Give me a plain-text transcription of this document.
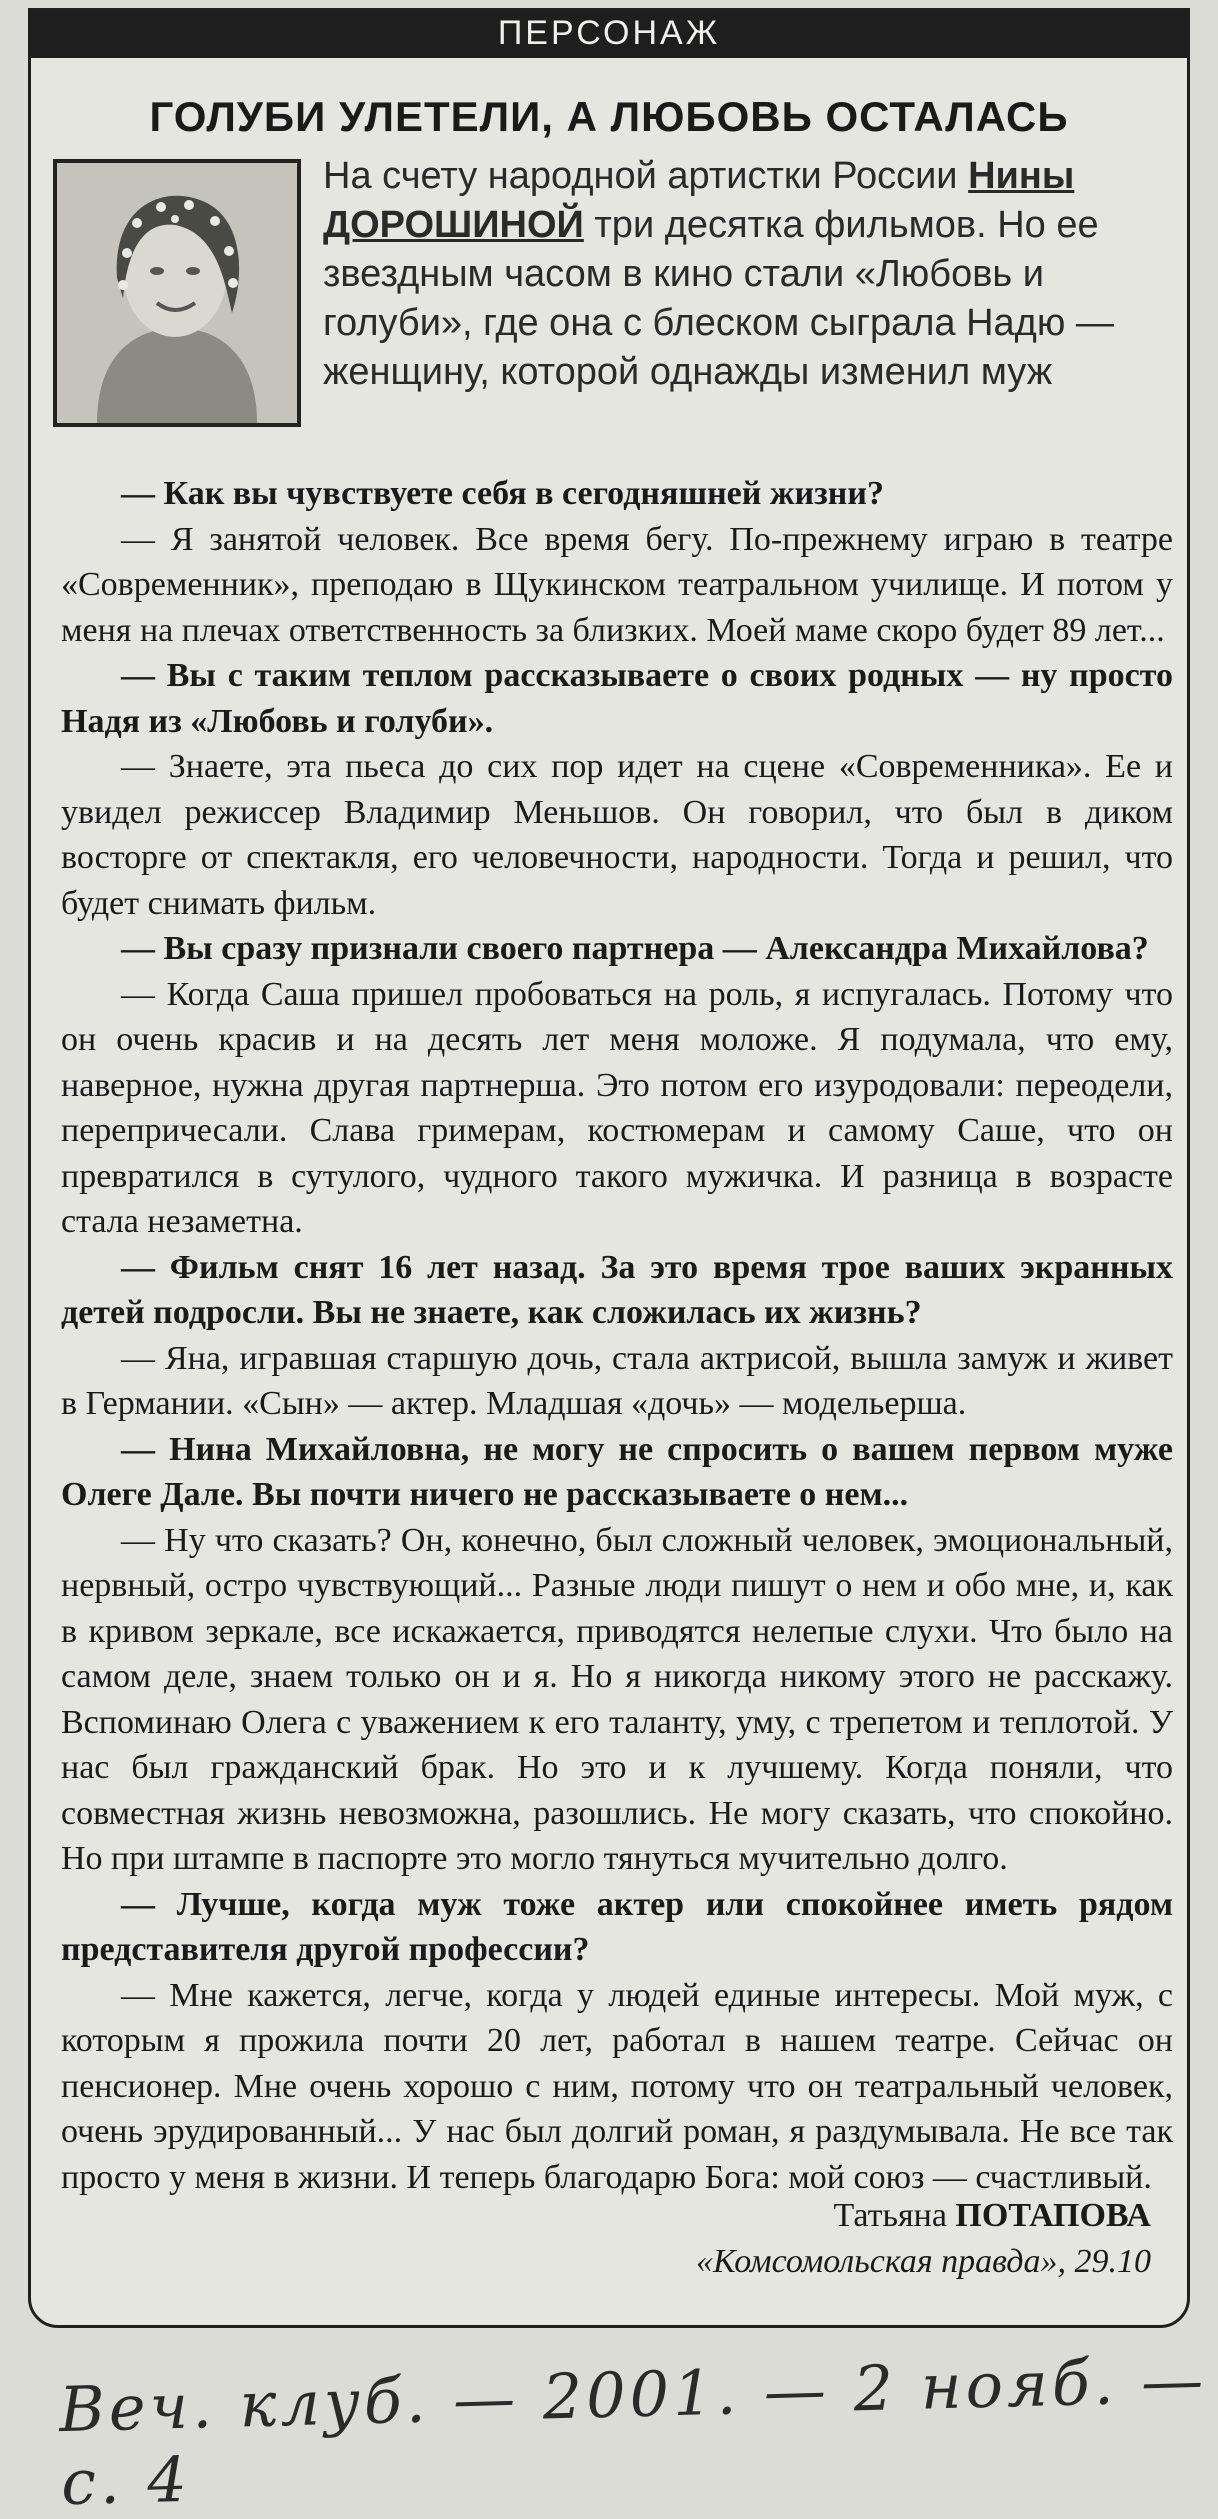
ПЕРСОНАЖ
ГОЛУБИ УЛЕТЕЛИ, А ЛЮБОВЬ ОСТАЛАСЬ
На счету народной артистки России Нины ДОРОШИНОЙ три десятка фильмов. Но ее звездным часом в кино стали «Любовь и голуби», где она с блеском сыграла Надю — женщину, которой однажды изменил муж

— Как вы чувствуете себя в сегодняшней жизни?

— Я занятой человек. Все время бегу. По-прежнему играю в театре «Современник», преподаю в Щукинском театральном училище. И потом у меня на плечах ответственность за близких. Моей маме скоро будет 89 лет...

— Вы с таким теплом рассказываете о своих родных — ну просто Надя из «Любовь и голуби».

— Знаете, эта пьеса до сих пор идет на сцене «Современника». Ее и увидел режиссер Владимир Меньшов. Он говорил, что был в диком восторге от спектакля, его человечности, народности. Тогда и решил, что будет снимать фильм.

— Вы сразу признали своего партнера — Александра Михайлова?

— Когда Саша пришел пробоваться на роль, я испугалась. Потому что он очень красив и на десять лет меня моложе. Я подумала, что ему, наверное, нужна другая партнерша. Это потом его изуродовали: переодели, перепричесали. Слава гримерам, костюмерам и самому Саше, что он превратился в сутулого, чудного такого мужичка. И разница в возрасте стала незаметна.

— Фильм снят 16 лет назад. За это время трое ваших экранных детей подросли. Вы не знаете, как сложилась их жизнь?

— Яна, игравшая старшую дочь, стала актрисой, вышла замуж и живет в Германии. «Сын» — актер. Младшая «дочь» — модельерша.

— Нина Михайловна, не могу не спросить о вашем первом муже Олеге Дале. Вы почти ничего не рассказываете о нем...

— Ну что сказать? Он, конечно, был сложный человек, эмоциональный, нервный, остро чувствующий... Разные люди пишут о нем и обо мне, и, как в кривом зеркале, все искажается, приводятся нелепые слухи. Что было на самом деле, знаем только он и я. Но я никогда никому этого не расскажу. Вспоминаю Олега с уважением к его таланту, уму, с трепетом и теплотой. У нас был гражданский брак. Но это и к лучшему. Когда поняли, что совместная жизнь невозможна, разошлись. Не могу сказать, что спокойно. Но при штампе в паспорте это могло тянуться мучительно долго.

— Лучше, когда муж тоже актер или спокойнее иметь рядом представителя другой профессии?

— Мне кажется, легче, когда у людей единые интересы. Мой муж, с которым я прожила почти 20 лет, работал в нашем театре. Сейчас он пенсионер. Мне очень хорошо с ним, потому что он театральный человек, очень эрудированный... У нас был долгий роман, я раздумывала. Не все так просто у меня в жизни. И теперь благодарю Бога: мой союз — счастливый.

Татьяна ПОТАПОВА
«Комсомольская правда», 29.10
Веч. клуб. — 2001. — 2 нояб. — с. 4
